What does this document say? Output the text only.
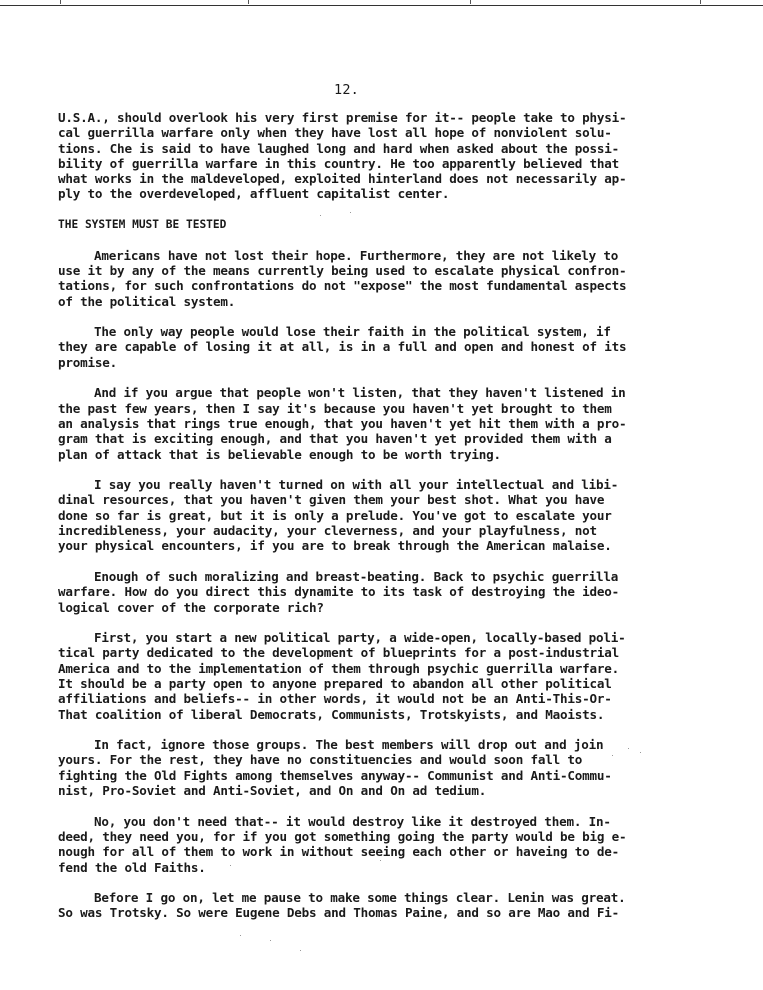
12.
U.S.A., should overlook his very first premise for it-- people take to physi-
cal guerrilla warfare only when they have lost all hope of nonviolent solu-
tions. Che is said to have laughed long and hard when asked about the possi-
bility of guerrilla warfare in this country. He too apparently believed that
what works in the maldeveloped, exploited hinterland does not necessarily ap-
ply to the overdeveloped, affluent capitalist center.
THE SYSTEM MUST BE TESTED
Americans have not lost their hope. Furthermore, they are not likely to
use it by any of the means currently being used to escalate physical confron-
tations, for such confrontations do not "expose" the most fundamental aspects
of the political system.
The only way people would lose their faith in the political system, if
they are capable of losing it at all, is in a full and open and honest of its
promise.
And if you argue that people won't listen, that they haven't listened in
the past few years, then I say it's because you haven't yet brought to them
an analysis that rings true enough, that you haven't yet hit them with a pro-
gram that is exciting enough, and that you haven't yet provided them with a
plan of attack that is believable enough to be worth trying.
I say you really haven't turned on with all your intellectual and libi-
dinal resources, that you haven't given them your best shot. What you have
done so far is great, but it is only a prelude. You've got to escalate your
incredibleness, your audacity, your cleverness, and your playfulness, not
your physical encounters, if you are to break through the American malaise.
Enough of such moralizing and breast-beating. Back to psychic guerrilla
warfare. How do you direct this dynamite to its task of destroying the ideo-
logical cover of the corporate rich?
First, you start a new political party, a wide-open, locally-based poli-
tical party dedicated to the development of blueprints for a post-industrial
America and to the implementation of them through psychic guerrilla warfare.
It should be a party open to anyone prepared to abandon all other political
affiliations and beliefs-- in other words, it would not be an Anti-This-Or-
That coalition of liberal Democrats, Communists, Trotskyists, and Maoists.
In fact, ignore those groups. The best members will drop out and join
yours. For the rest, they have no constituencies and would soon fall to
fighting the Old Fights among themselves anyway-- Communist and Anti-Commu-
nist, Pro-Soviet and Anti-Soviet, and On and On ad tedium.
No, you don't need that-- it would destroy like it destroyed them. In-
deed, they need you, for if you got something going the party would be big e-
nough for all of them to work in without seeing each other or haveing to de-
fend the old Faiths.
Before I go on, let me pause to make some things clear. Lenin was great.
So was Trotsky. So were Eugene Debs and Thomas Paine, and so are Mao and Fi-
